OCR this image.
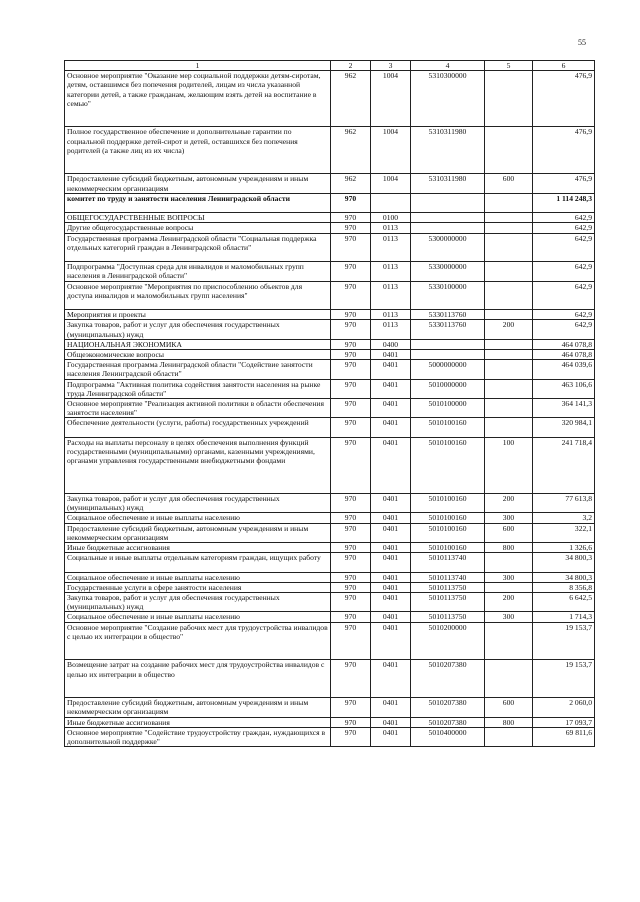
55
1	2	3	4	5	6
Основное мероприятие "Оказание мер социальной поддержки детям-сиротам, детям, оставшимся без попечения родителей, лицам из числа указанной категории детей, а также гражданам, желающим взять детей на воспитание в семью"	962	1004	5310300000		476,9
Полное государственное обеспечение и дополнительные гарантии по социальной поддержке детей-сирот и детей, оставшихся без попечения родителей (а также лиц из их числа)	962	1004	5310311980		476,9
Предоставление субсидий бюджетным, автономным учреждениям и иным некоммерческим организациям	962	1004	5310311980	600	476,9
комитет по труду и занятости населения Ленинградской области	970				1 114 248,3
ОБЩЕГОСУДАРСТВЕННЫЕ ВОПРОСЫ	970	0100			642,9
Другие общегосударственные вопросы	970	0113			642,9
Государственная программа Ленинградской области "Социальная поддержка отдельных категорий граждан в Ленинградской области"	970	0113	5300000000		642,9
Подпрограмма "Доступная среда для инвалидов и маломобильных групп населения в Ленинградской области"	970	0113	5330000000		642,9
Основное мероприятие "Мероприятия по приспособлению объектов для доступа инвалидов и маломобильных групп населения"	970	0113	5330100000		642,9
Мероприятия и проекты	970	0113	5330113760		642,9
Закупка товаров, работ и услуг для обеспечения государственных (муниципальных) нужд	970	0113	5330113760	200	642,9
НАЦИОНАЛЬНАЯ ЭКОНОМИКА	970	0400			464 078,8
Общеэкономические вопросы	970	0401			464 078,8
Государственная программа Ленинградской области "Содействие занятости населения Ленинградской области"	970	0401	5000000000		464 039,6
Подпрограмма "Активная политика содействия занятости населения на рынке труда Ленинградской области"	970	0401	5010000000		463 106,6
Основное мероприятие "Реализация активной политики в области обеспечения занятости населения"	970	0401	5010100000		364 141,3
Обеспечение деятельности (услуги, работы) государственных учреждений	970	0401	5010100160		320 984,1
Расходы на выплаты персоналу в целях обеспечения выполнения функций государственными (муниципальными) органами, казенными учреждениями, органами управления государственными внебюджетными фондами	970	0401	5010100160	100	241 718,4
Закупка товаров, работ и услуг для обеспечения государственных (муниципальных) нужд	970	0401	5010100160	200	77 613,8
Социальное обеспечение и иные выплаты населению	970	0401	5010100160	300	3,2
Предоставление субсидий бюджетным, автономным учреждениям и иным некоммерческим организациям	970	0401	5010100160	600	322,1
Иные бюджетные ассигнования	970	0401	5010100160	800	1 326,6
Социальные и иные выплаты отдельным категориям граждан, ищущих работу	970	0401	5010113740		34 800,3
Социальное обеспечение и иные выплаты населению	970	0401	5010113740	300	34 800,3
Государственные услуги в сфере занятости населения	970	0401	5010113750		8 356,8
Закупка товаров, работ и услуг для обеспечения государственных (муниципальных) нужд	970	0401	5010113750	200	6 642,5
Социальное обеспечение и иные выплаты населению	970	0401	5010113750	300	1 714,3
Основное мероприятие "Создание рабочих мест для трудоустройства инвалидов с целью их интеграции в общество"	970	0401	5010200000		19 153,7
Возмещение затрат на создание рабочих мест для трудоустройства инвалидов с целью их интеграции в общество	970	0401	5010207380		19 153,7
Предоставление субсидий бюджетным, автономным учреждениям и иным некоммерческим организациям	970	0401	5010207380	600	2 060,0
Иные бюджетные ассигнования	970	0401	5010207380	800	17 093,7
Основное мероприятие "Содействие трудоустройству граждан, нуждающихся в дополнительной поддержке"	970	0401	5010400000		69 811,6
